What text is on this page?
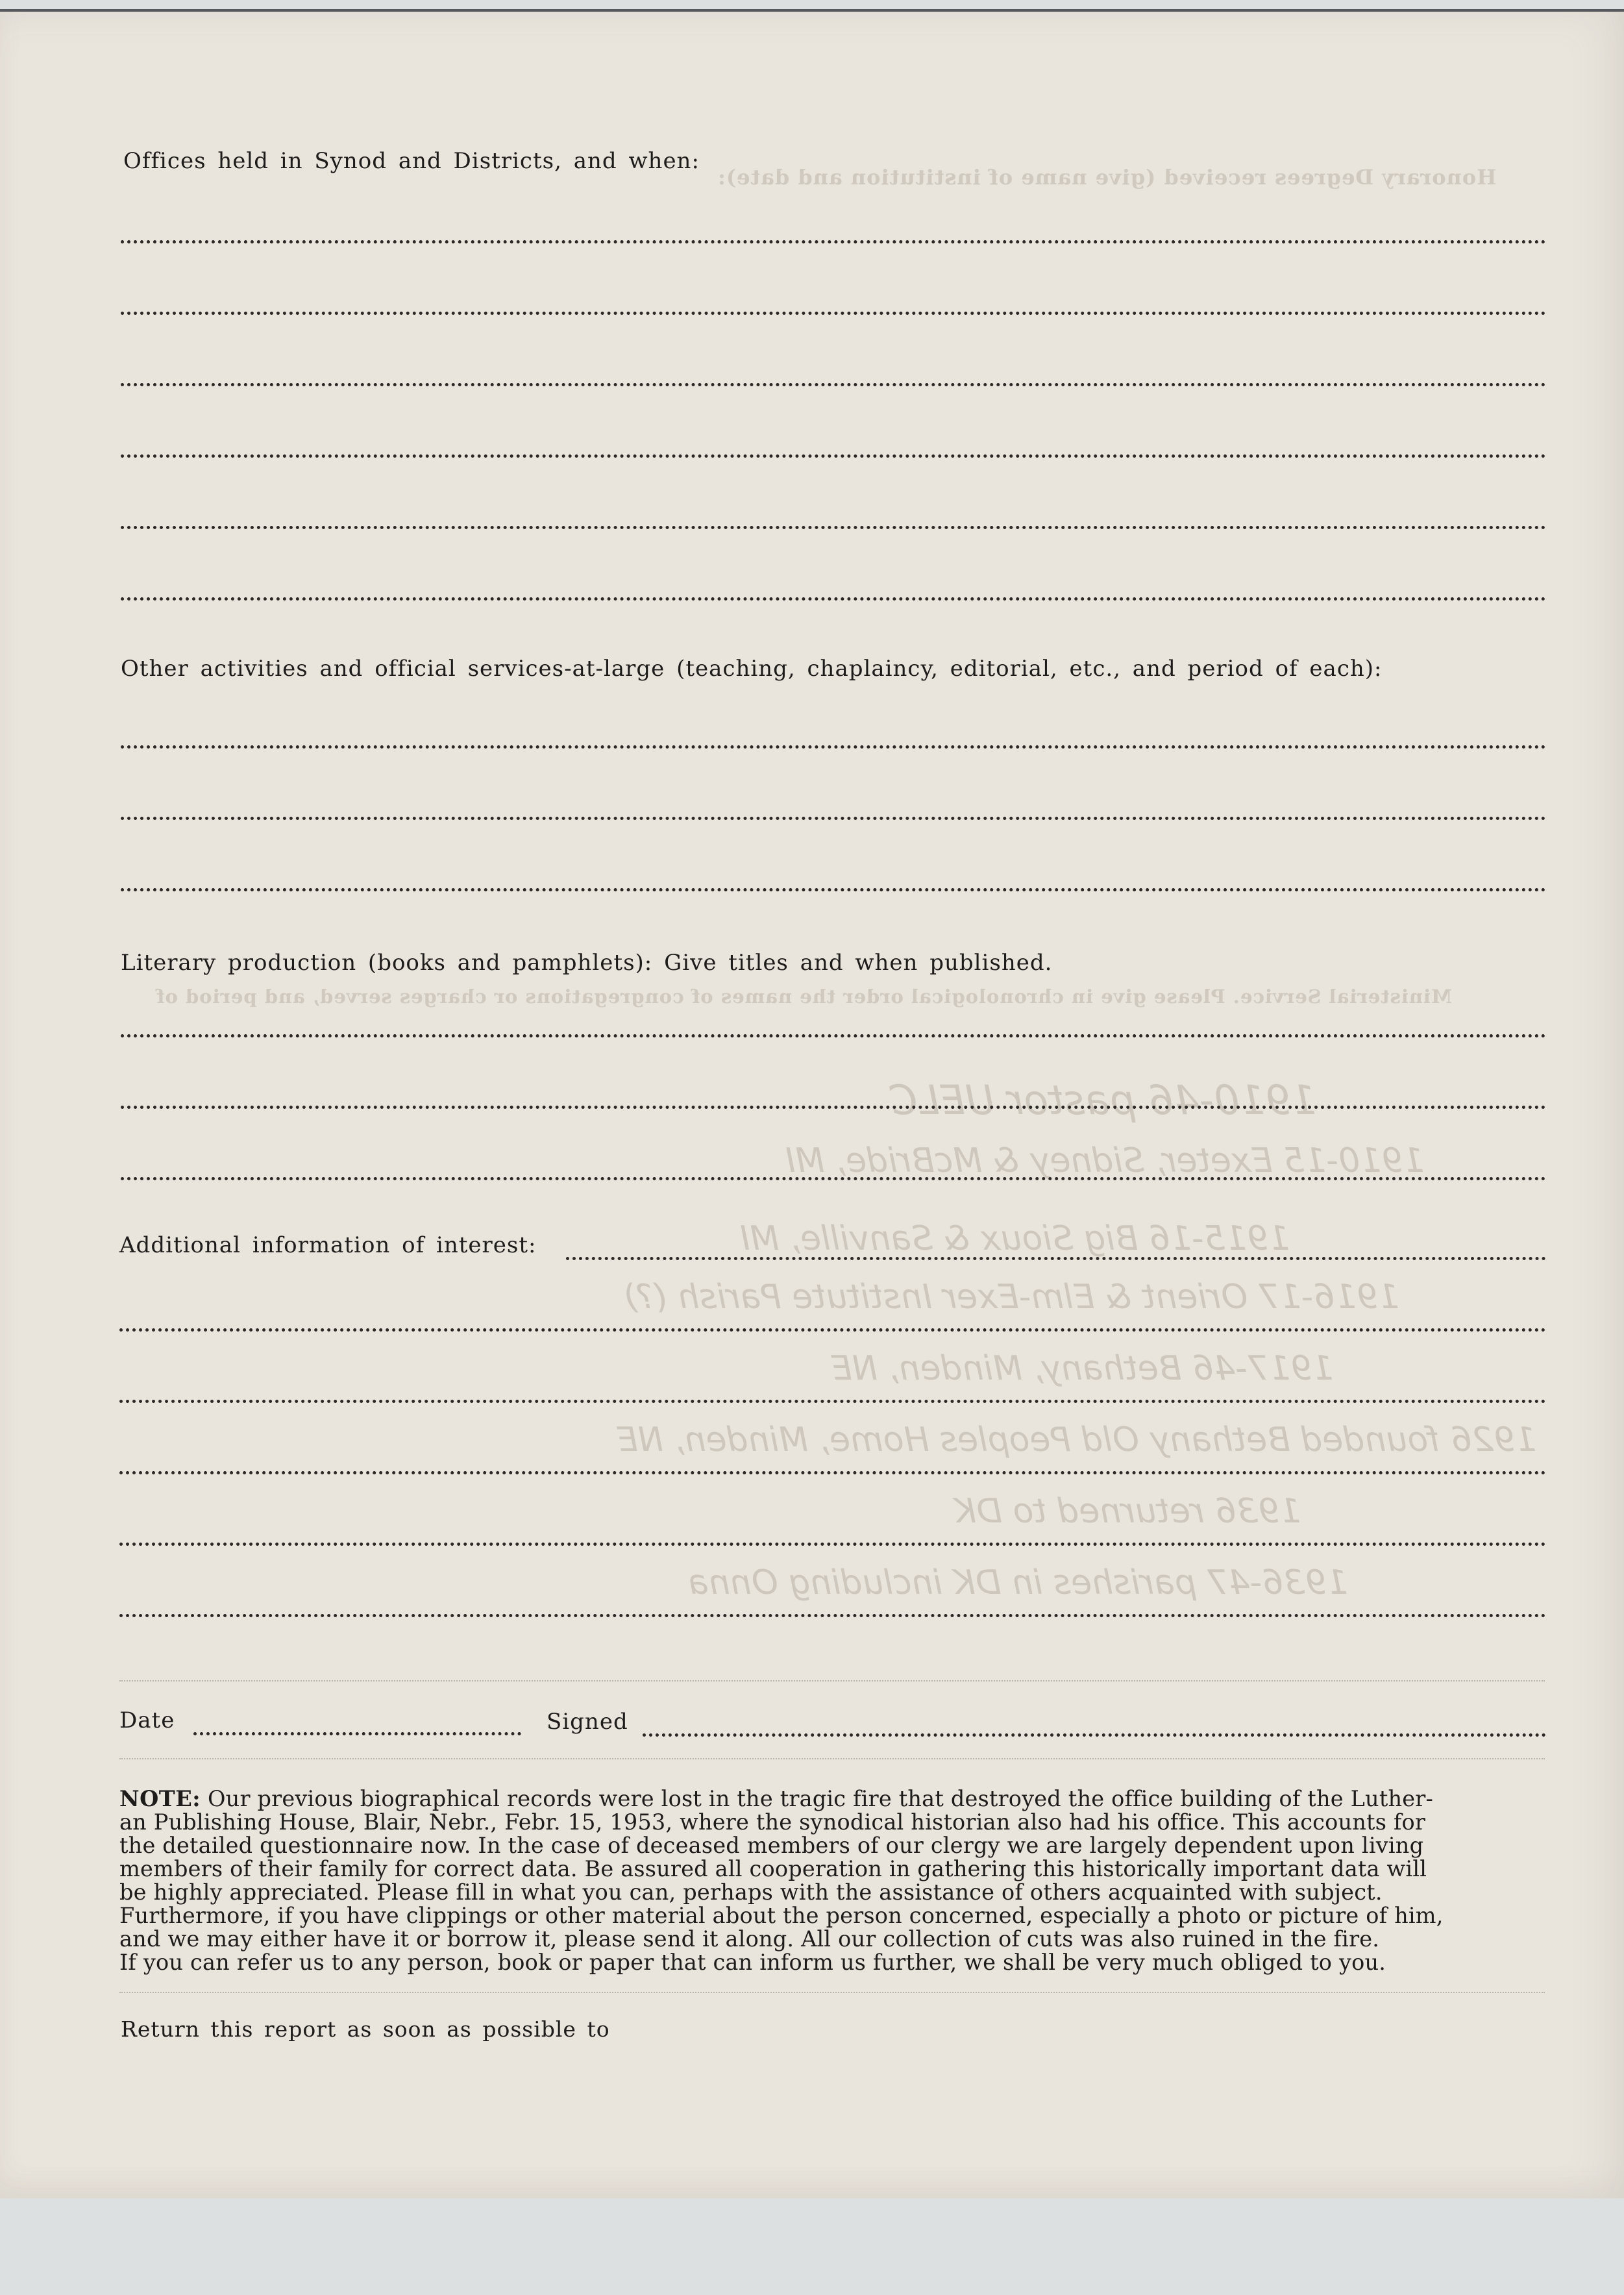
Honorary Degrees received (give name of institution and date):
Ministerial Service. Please give in chronological order the names of congregations or charges served, and period of
1910-46 pastor UELC
1910-15 Exeter, Sidney & McBride, MI
1915-16 Big Sioux & Sanville, MI
1916-17 Orient & Elm-Exer Institute Parish (?)
1917-46 Bethany, Minden, NE
1926 founded Bethany Old Peoples Home, Minden, NE
1936 returned to DK
1936-47 parishes in DK including Onna
Offices held in Synod and Districts, and when:
Other activities and official services-at-large (teaching, chaplaincy, editorial, etc., and period of each):
Literary production (books and pamphlets): Give titles and when published.
Additional information of interest:
Date	Signed
NOTE: Our previous biographical records were lost in the tragic fire that destroyed the office building of the Luther-
an Publishing House, Blair, Nebr., Febr. 15, 1953, where the synodical historian also had his office. This accounts for
the detailed questionnaire now. In the case of deceased members of our clergy we are largely dependent upon living
members of their family for correct data. Be assured all cooperation in gathering this historically important data will
be highly appreciated. Please fill in what you can, perhaps with the assistance of others acquainted with subject.
Furthermore, if you have clippings or other material about the person concerned, especially a photo or picture of him,
and we may either have it or borrow it, please send it along. All our collection of cuts was also ruined in the fire.
If you can refer us to any person, book or paper that can inform us further, we shall be very much obliged to you.
Return this report as soon as possible to
